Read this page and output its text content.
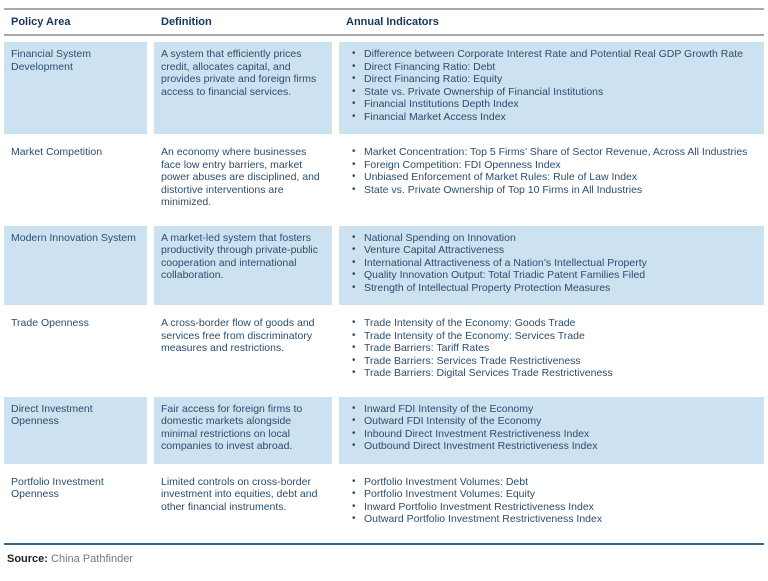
Policy Area	Definition	Annual Indicators
Financial System Development	A system that efficiently prices credit, allocates capital, and provides private and foreign firms access to financial services.	
• Difference between Corporate Interest Rate and Potential Real GDP Growth Rate
• Direct Financing Ratio: Debt
• Direct Financing Ratio: Equity
• State vs. Private Ownership of Financial Institutions
• Financial Institutions Depth Index
• Financial Market Access Index

Market Competition	An economy where businesses face low entry barriers, market power abuses are disciplined, and distortive interventions are minimized.	
• Market Concentration: Top 5 Firms’ Share of Sector Revenue, Across All Industries
• Foreign Competition: FDI Openness Index
• Unbiased Enforcement of Market Rules: Rule of Law Index
• State vs. Private Ownership of Top 10 Firms in All Industries

Modern Innovation System	A market-led system that fosters productivity through private-public cooperation and international collaboration.	
• National Spending on Innovation
• Venture Capital Attractiveness
• International Attractiveness of a Nation’s Intellectual Property
• Quality Innovation Output: Total Triadic Patent Families Filed
• Strength of Intellectual Property Protection Measures

Trade Openness	A cross-border flow of goods and services free from discriminatory measures and restrictions.	
• Trade Intensity of the Economy: Goods Trade
• Trade Intensity of the Economy: Services Trade
• Trade Barriers: Tariff Rates
• Trade Barriers: Services Trade Restrictiveness
• Trade Barriers: Digital Services Trade Restrictiveness

Direct Investment Openness	Fair access for foreign firms to domestic markets alongside minimal restrictions on local companies to invest abroad.	
• Inward FDI Intensity of the Economy
• Outward FDI Intensity of the Economy
• Inbound Direct Investment Restrictiveness Index
• Outbound Direct Investment Restrictiveness Index

Portfolio Investment Openness	Limited controls on cross-border investment into equities, debt and other financial instruments.	
• Portfolio Investment Volumes: Debt
• Portfolio Investment Volumes: Equity
• Inward Portfolio Investment Restrictiveness Index
• Outward Portfolio Investment Restrictiveness Index
Source: China Pathfinder
